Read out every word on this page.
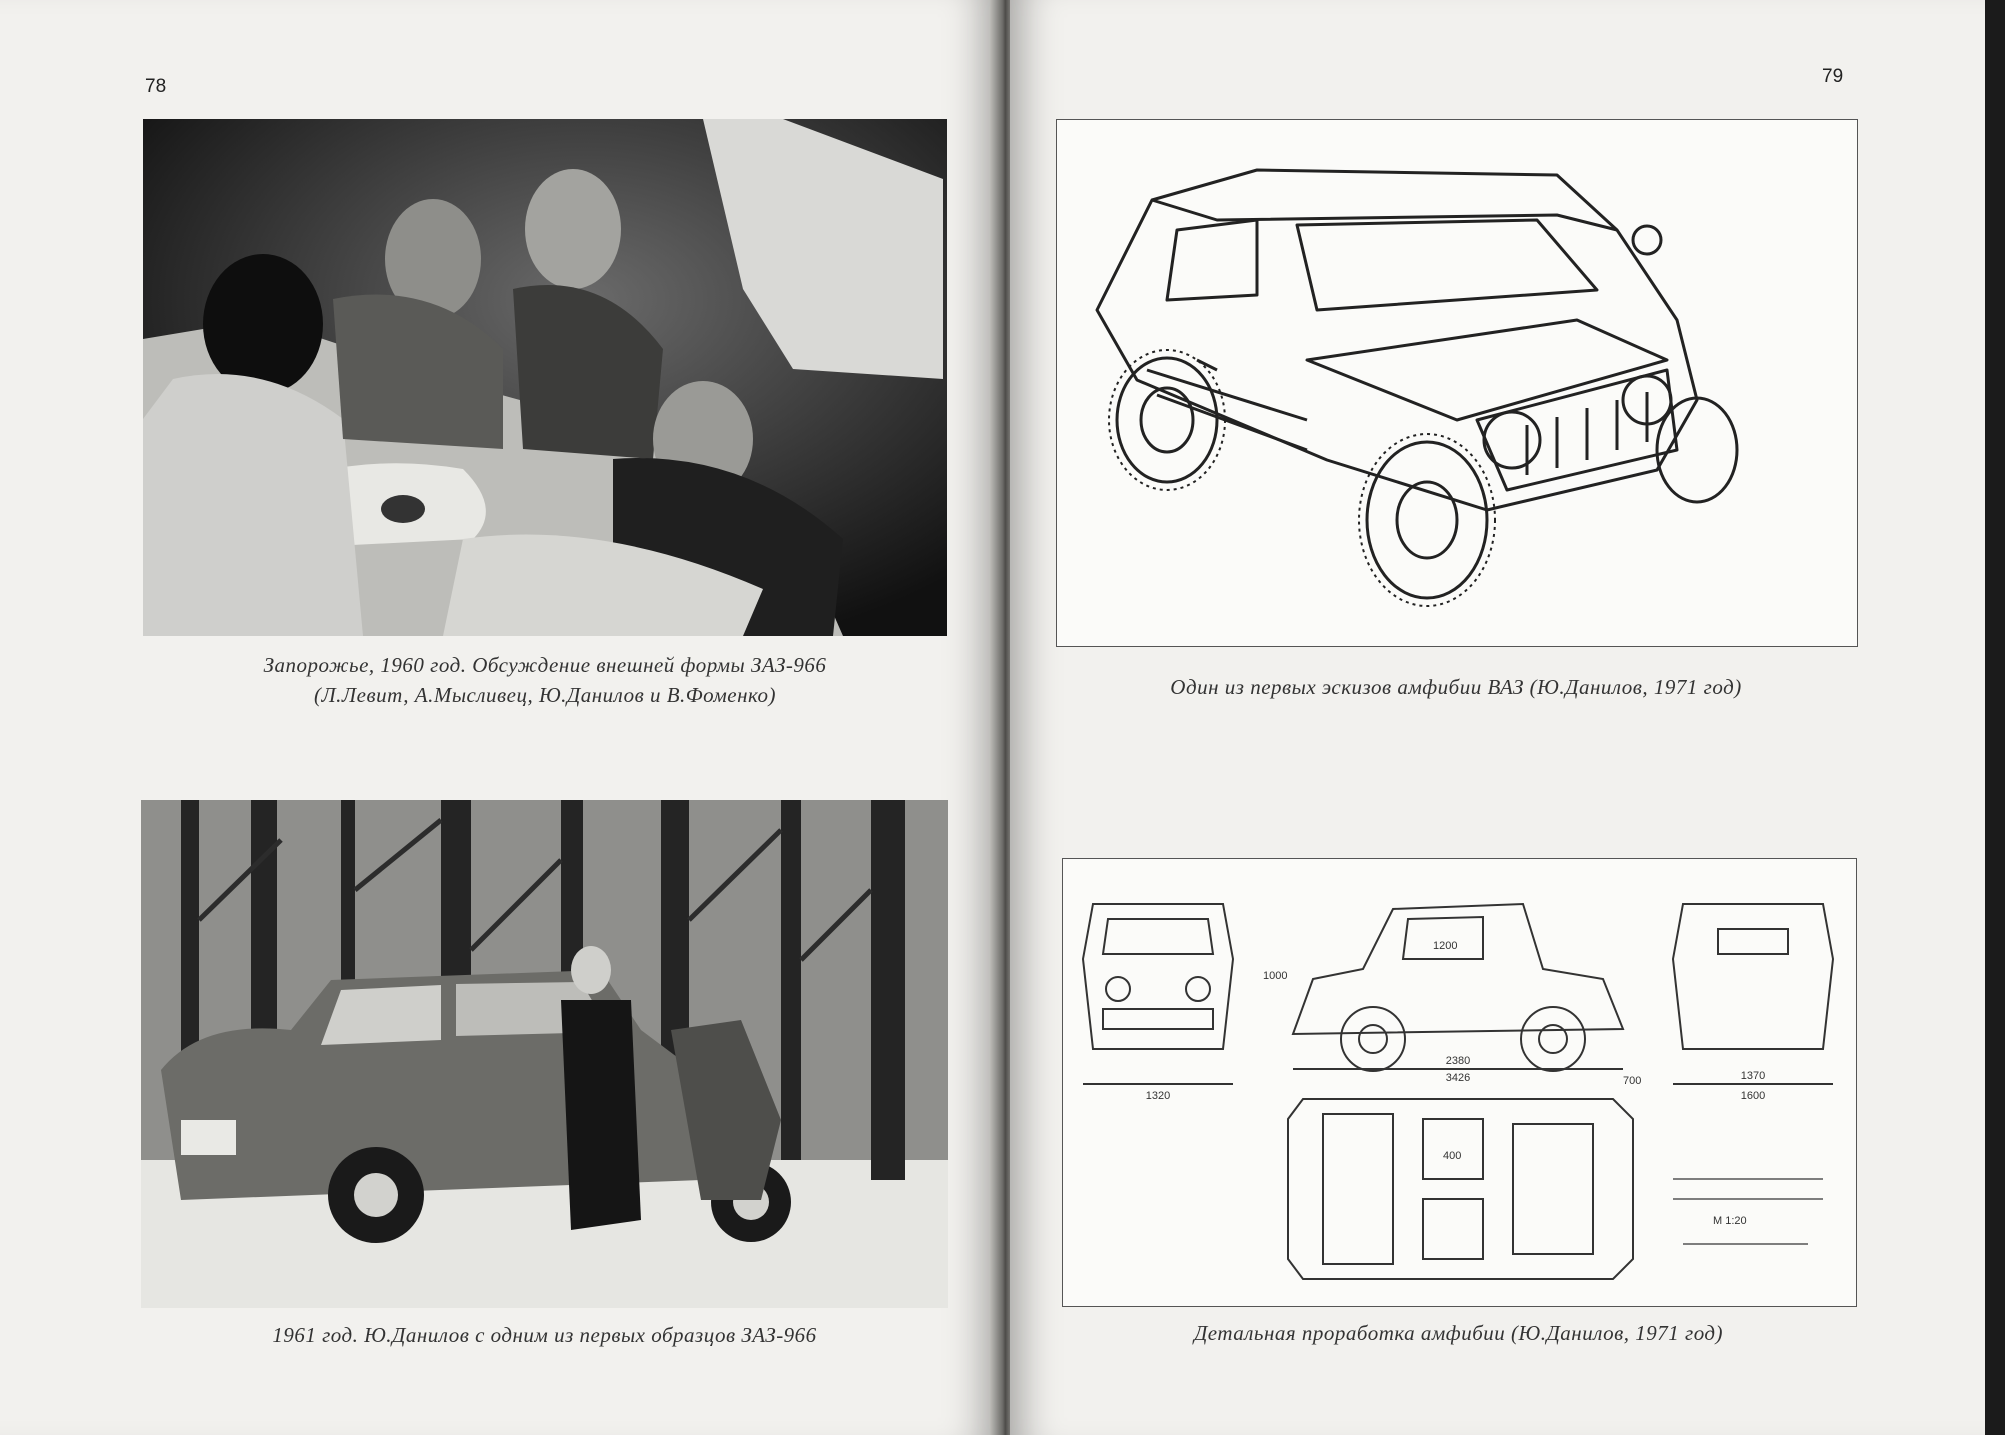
78
Запорожье, 1960 год. Обсуждение внешней формы ЗАЗ-966
(Л.Левит, А.Мысливец, Ю.Данилов и В.Фоменко)
1961 год. Ю.Данилов с одним из первых образцов ЗАЗ-966
79
Один из первых эскизов амфибии ВАЗ (Ю.Данилов, 1971 год)
2380
3426
1320
1370
1600
1000
1200
400
700
M 1:20
Детальная проработка амфибии (Ю.Данилов, 1971 год)
